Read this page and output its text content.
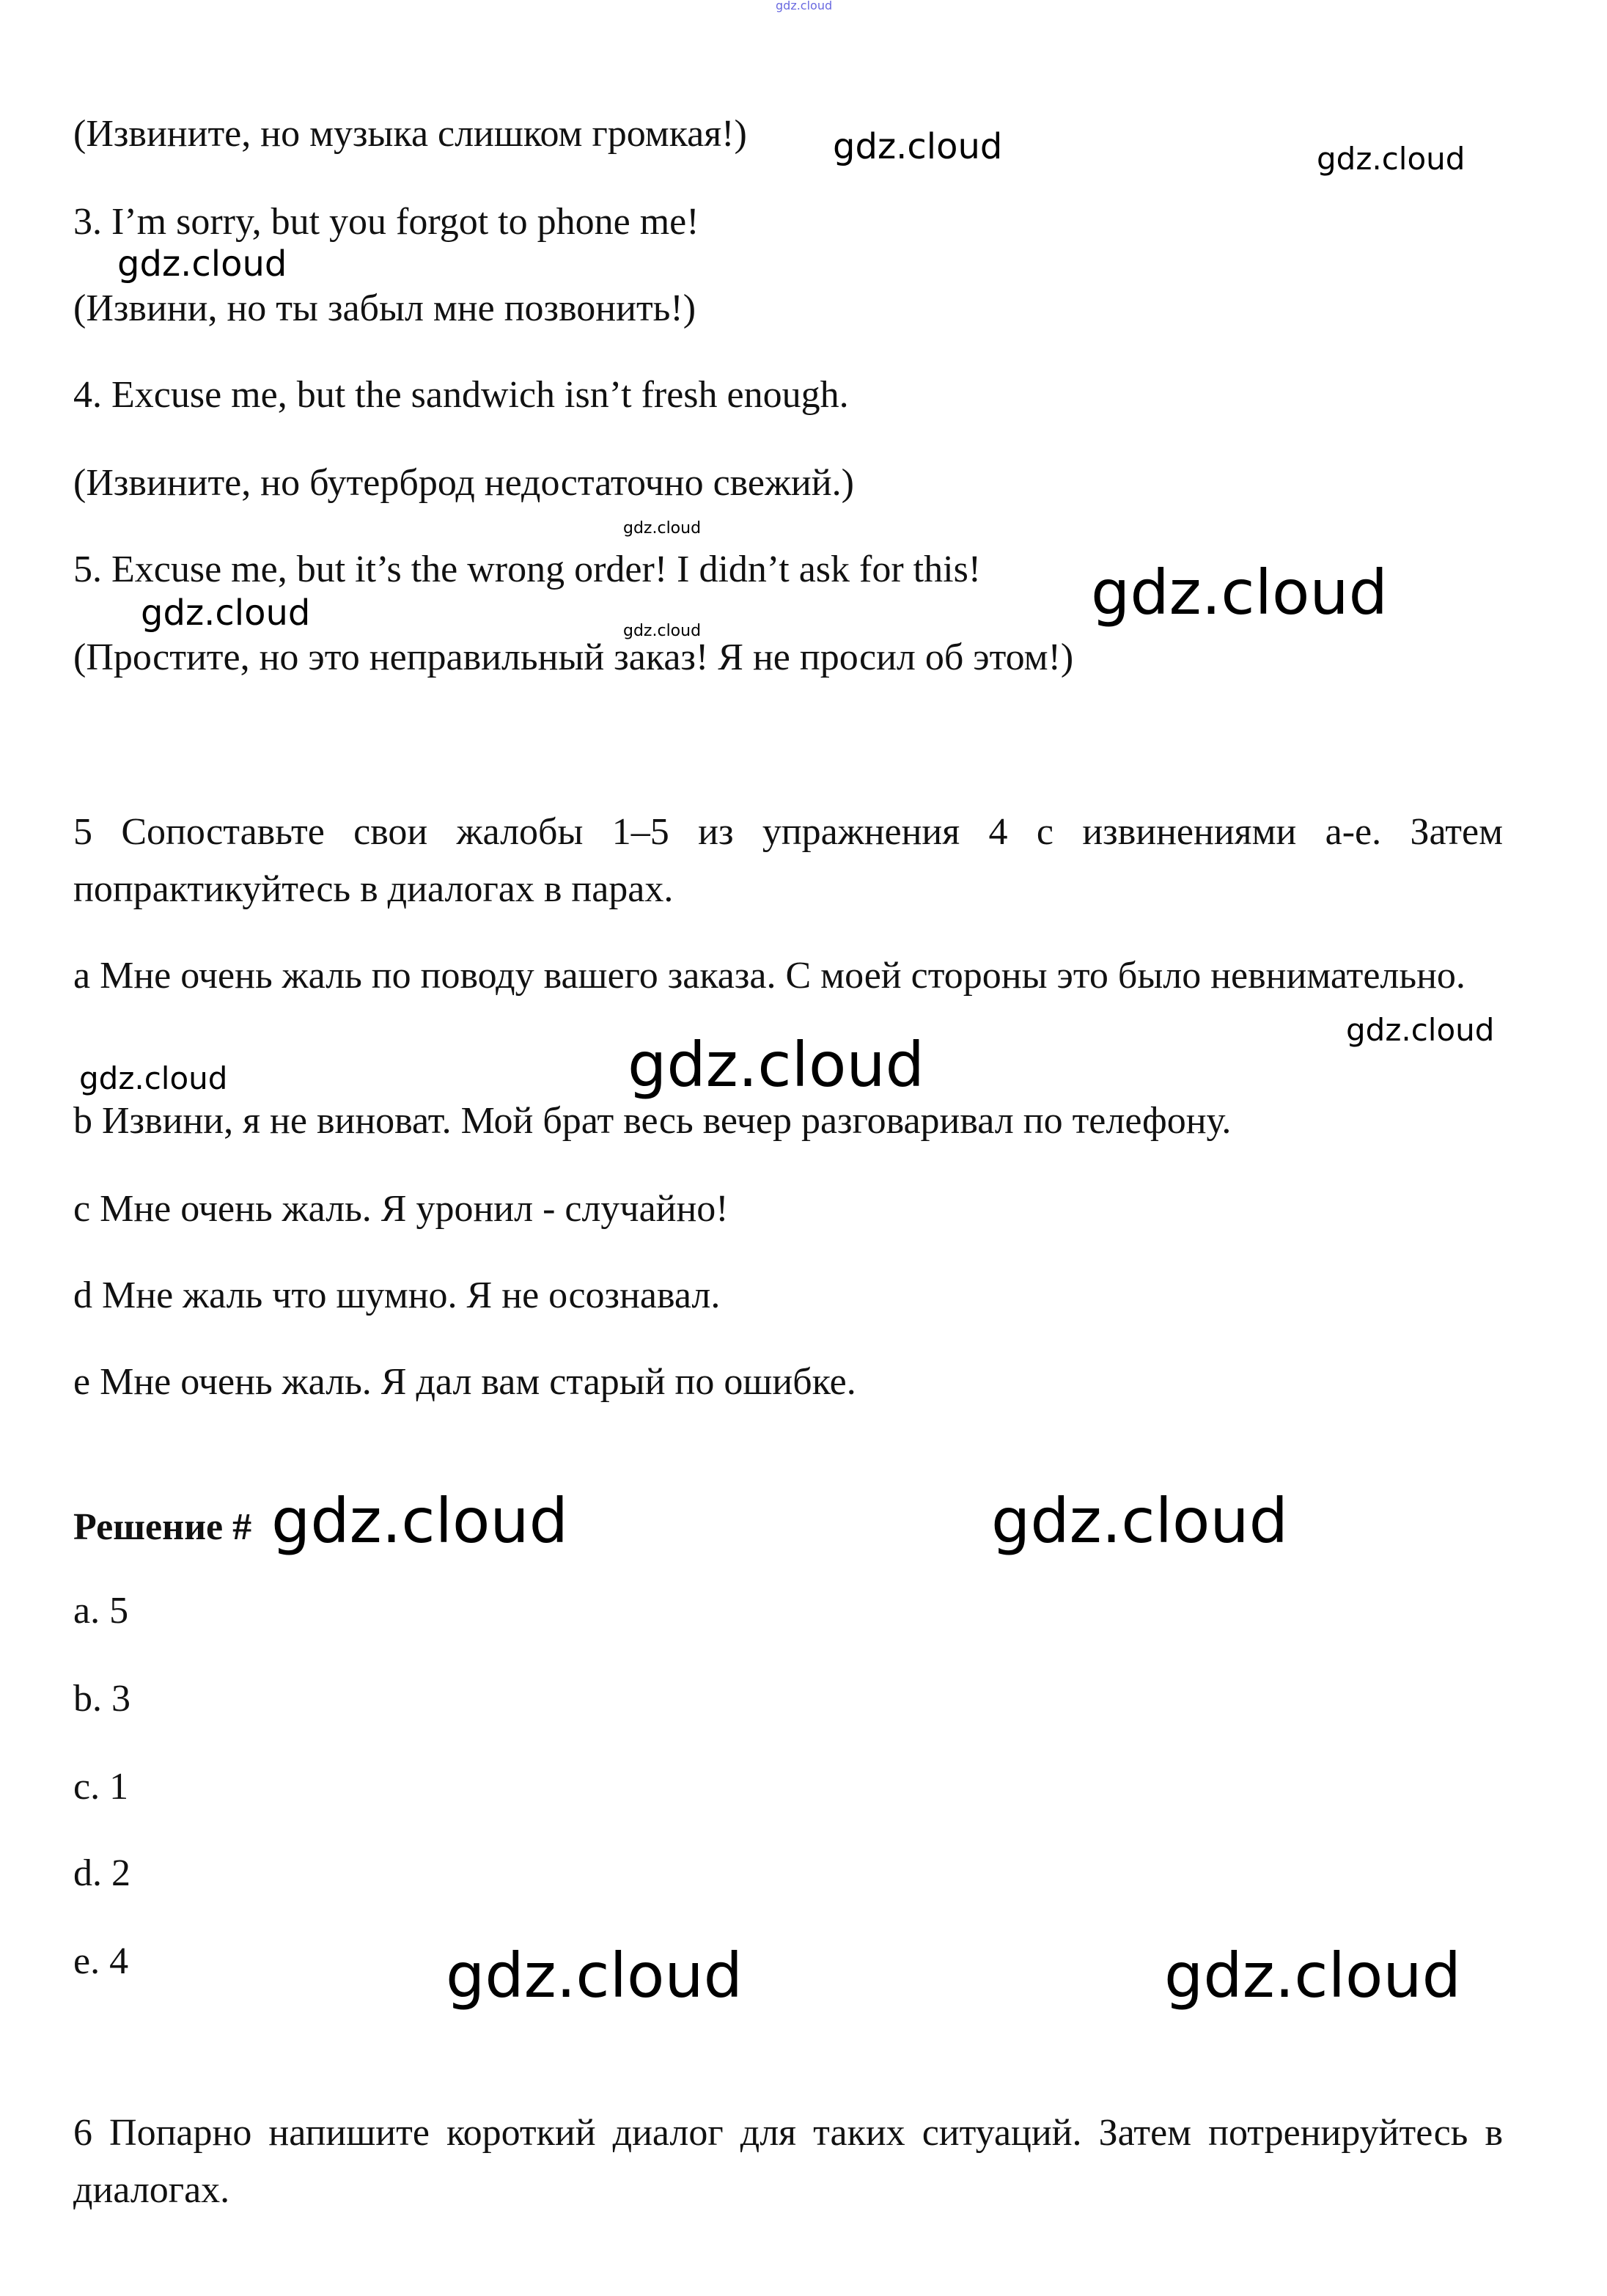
gdz.cloud

(Извините, но музыка слишком громкая!)

3. I’m sorry, but you forgot to phone me!

(Извини, но ты забыл мне позвонить!)

4. Excuse me, but the sandwich isn’t fresh enough.

(Извините, но бутерброд недостаточно свежий.)

5. Excuse me, but it’s the wrong order! I didn’t ask for this!

(Простите, но это неправильный заказ! Я не просил об этом!)

5 Сопоставьте свои жалобы 1–5 из упражнения 4 с извинениями a-e. Затем попрактикуйтесь в диалогах в парах.

a Мне очень жаль по поводу вашего заказа. С моей стороны это было невнимательно.

b Извини, я не виноват. Мой брат весь вечер разговаривал по телефону.

c Мне очень жаль. Я уронил - случайно!

d Мне жаль что шумно. Я не осознавал.

e Мне очень жаль. Я дал вам старый по ошибке.

Решение #

a. 5

b. 3

c. 1

d. 2

e. 4

6 Попарно напишите короткий диалог для таких ситуаций. Затем потренируйтесь в диалогах.

gdz.cloud	gdz.cloud
gdz.cloud
gdz.cloud
gdz.cloud
gdz.cloud	gdz.cloud
gdz.cloud
gdz.cloud
gdz.cloud
gdz.cloud	gdz.cloud
gdz.cloud	gdz.cloud
